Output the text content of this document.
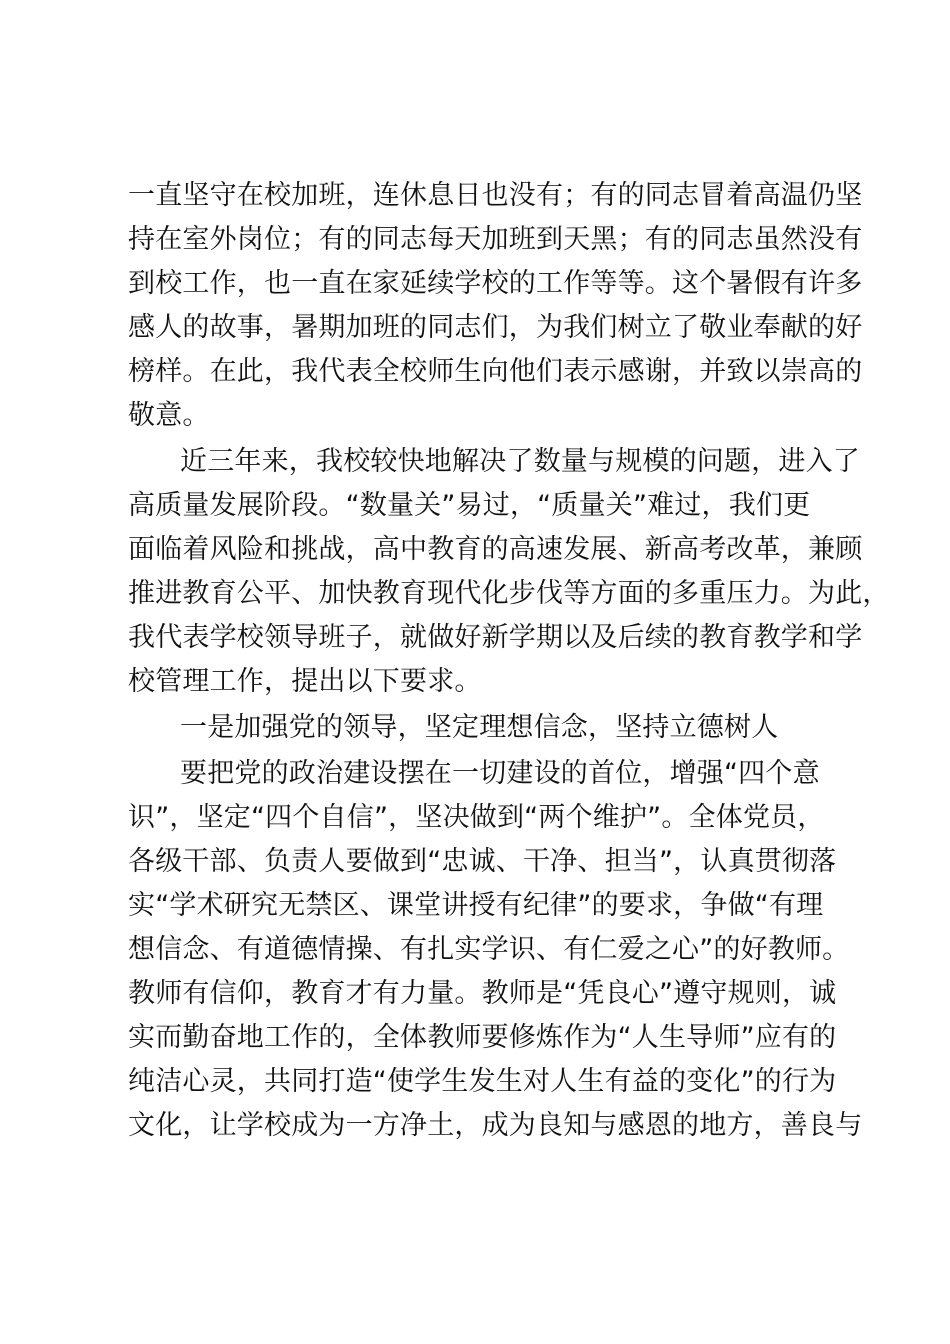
一直坚守在校加班，连休息日也没有；有的同志冒着高温仍坚
持在室外岗位；有的同志每天加班到天黑；有的同志虽然没有
到校工作，也一直在家延续学校的工作等等。这个暑假有许多
感人的故事，暑期加班的同志们，为我们树立了敬业奉献的好
榜样。在此，我代表全校师生向他们表示感谢，并致以崇高的
敬意。
近三年来，我校较快地解决了数量与规模的问题，进入了
高质量发展阶段。“数量关”易过，“质量关”难过，我们更
面临着风险和挑战，高中教育的高速发展、新高考改革，兼顾
推进教育公平、加快教育现代化步伐等方面的多重压力。为此，
我代表学校领导班子，就做好新学期以及后续的教育教学和学
校管理工作，提出以下要求。
一是加强党的领导，坚定理想信念，坚持立德树人
要把党的政治建设摆在一切建设的首位，增强“四个意
识”，坚定“四个自信”，坚决做到“两个维护”。全体党员，
各级干部、负责人要做到“忠诚、干净、担当”，认真贯彻落
实“学术研究无禁区、课堂讲授有纪律”的要求，争做“有理
想信念、有道德情操、有扎实学识、有仁爱之心”的好教师。
教师有信仰，教育才有力量。教师是“凭良心”遵守规则，诚
实而勤奋地工作的，全体教师要修炼作为“人生导师”应有的
纯洁心灵，共同打造“使学生发生对人生有益的变化”的行为
文化，让学校成为一方净土，成为良知与感恩的地方，善良与
